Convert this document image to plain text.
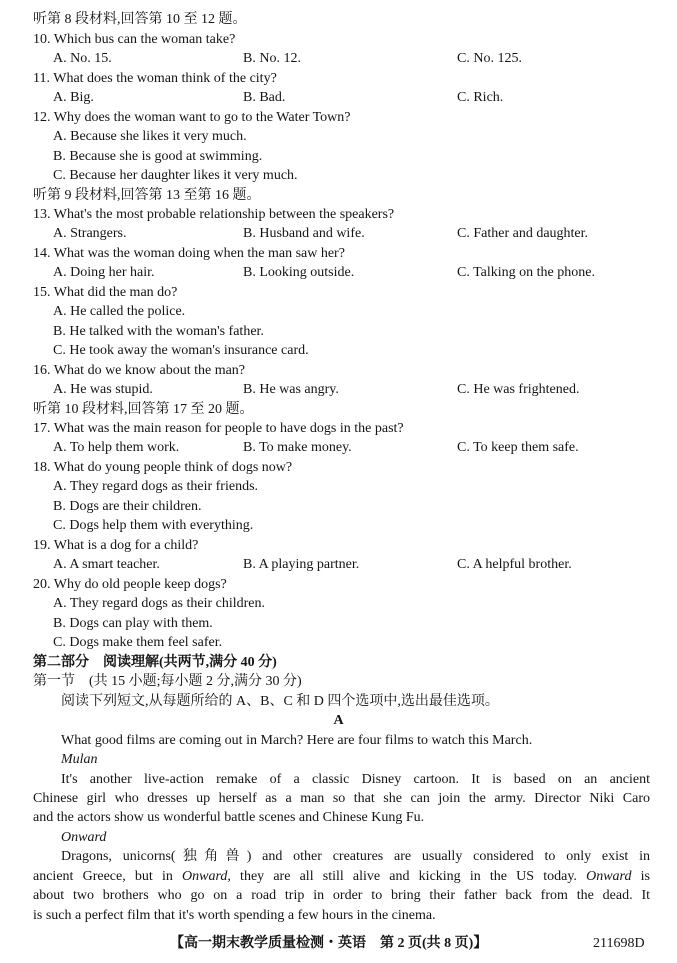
听第 8 段材料,回答第 10 至 12 题。
10. Which bus can the woman take?
A. No. 15.	B. No. 12.	C. No. 125.
11. What does the woman think of the city?
A. Big.	B. Bad.	C. Rich.
12. Why does the woman want to go to the Water Town?
A. Because she likes it very much.
B. Because she is good at swimming.
C. Because her daughter likes it very much.
听第 9 段材料,回答第 13 至第 16 题。
13. What's the most probable relationship between the speakers?
A. Strangers.	B. Husband and wife.	C. Father and daughter.
14. What was the woman doing when the man saw her?
A. Doing her hair.	B. Looking outside.	C. Talking on the phone.
15. What did the man do?
A. He called the police.
B. He talked with the woman's father.
C. He took away the woman's insurance card.
16. What do we know about the man?
A. He was stupid.	B. He was angry.	C. He was frightened.
听第 10 段材料,回答第 17 至 20 题。
17. What was the main reason for people to have dogs in the past?
A. To help them work.	B. To make money.	C. To keep them safe.
18. What do young people think of dogs now?
A. They regard dogs as their friends.
B. Dogs are their children.
C. Dogs help them with everything.
19. What is a dog for a child?
A. A smart teacher.	B. A playing partner.	C. A helpful brother.
20. Why do old people keep dogs?
A. They regard dogs as their children.
B. Dogs can play with them.
C. Dogs make them feel safer.
第二部分　阅读理解(共两节,满分 40 分)
第一节　(共 15 小题;每小题 2 分,满分 30 分)
阅读下列短文,从每题所给的 A、B、C 和 D 四个选项中,选出最佳选项。
A
What good films are coming out in March? Here are four films to watch this March.
Mulan
It's another live-action remake of a classic Disney cartoon. It is based on an ancient
Chinese girl who dresses up herself as a man so that she can join the army. Director Niki Caro
and the actors show us wonderful battle scenes and Chinese Kung Fu.
Onward
Dragons, unicorns(独角兽) and other creatures are usually considered to only exist in
ancient Greece, but in Onward, they are all still alive and kicking in the US today. Onward is
about two brothers who go on a road trip in order to bring their father back from the dead. It
is such a perfect film that it's worth spending a few hours in the cinema.
【高一期末教学质量检测・英语　第 2 页(共 8 页)】	211698D
